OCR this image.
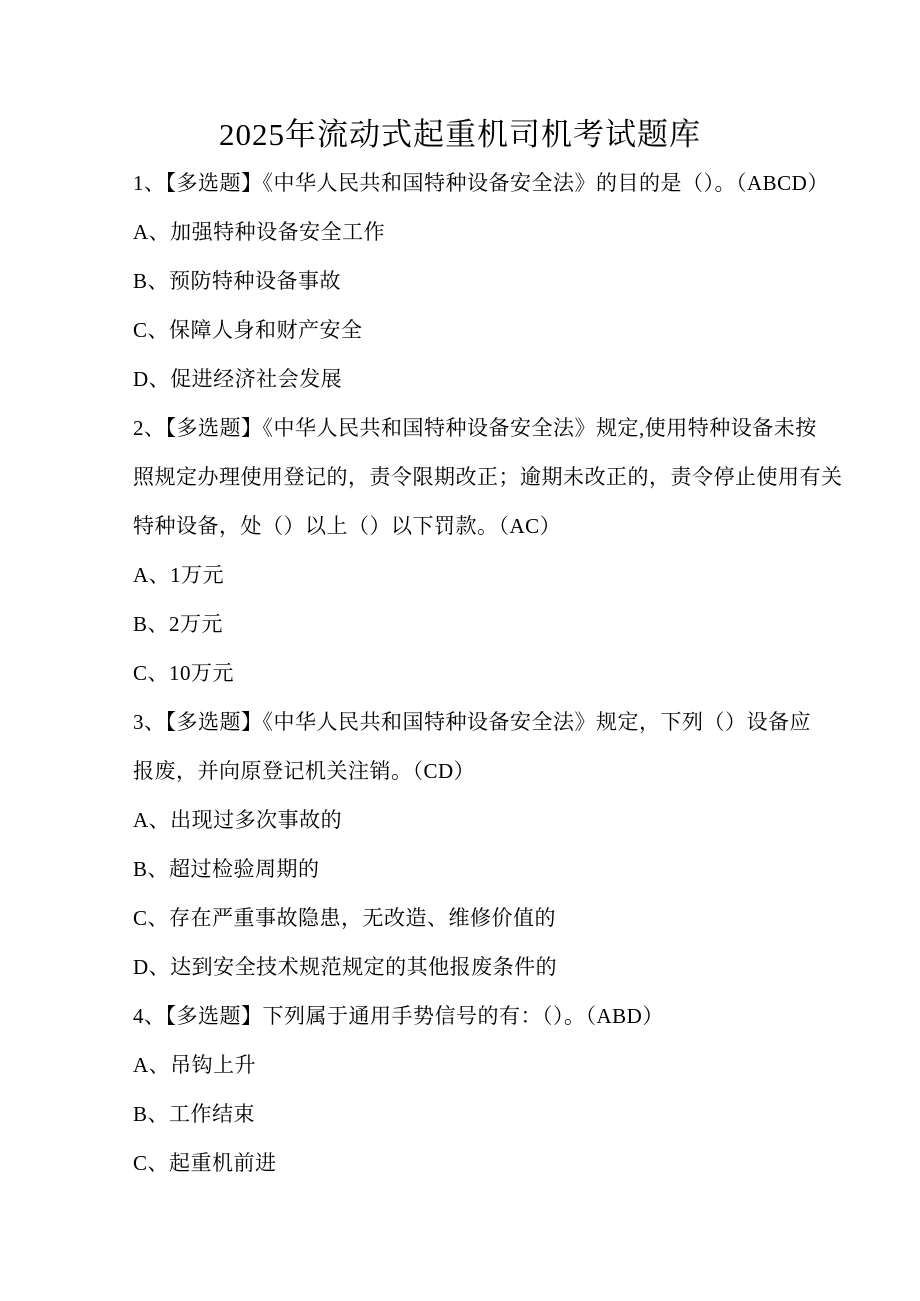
2025年流动式起重机司机考试题库
1、【多选题】《中华人民共和国特种设备安全法》的目的是（）。（ABCD）
A、加强特种设备安全工作
B、预防特种设备事故
C、保障人身和财产安全
D、促进经济社会发展
2、【多选题】《中华人民共和国特种设备安全法》规定,使用特种设备未按
照规定办理使用登记的，责令限期改正；逾期未改正的，责令停止使用有关
特种设备，处（）以上（）以下罚款。（AC）
A、1万元
B、2万元
C、10万元
3、【多选题】《中华人民共和国特种设备安全法》规定，下列（）设备应
报废，并向原登记机关注销。（CD）
A、出现过多次事故的
B、超过检验周期的
C、存在严重事故隐患，无改造、维修价值的
D、达到安全技术规范规定的其他报废条件的
4、【多选题】下列属于通用手势信号的有：（）。（ABD）
A、吊钩上升
B、工作结束
C、起重机前进
